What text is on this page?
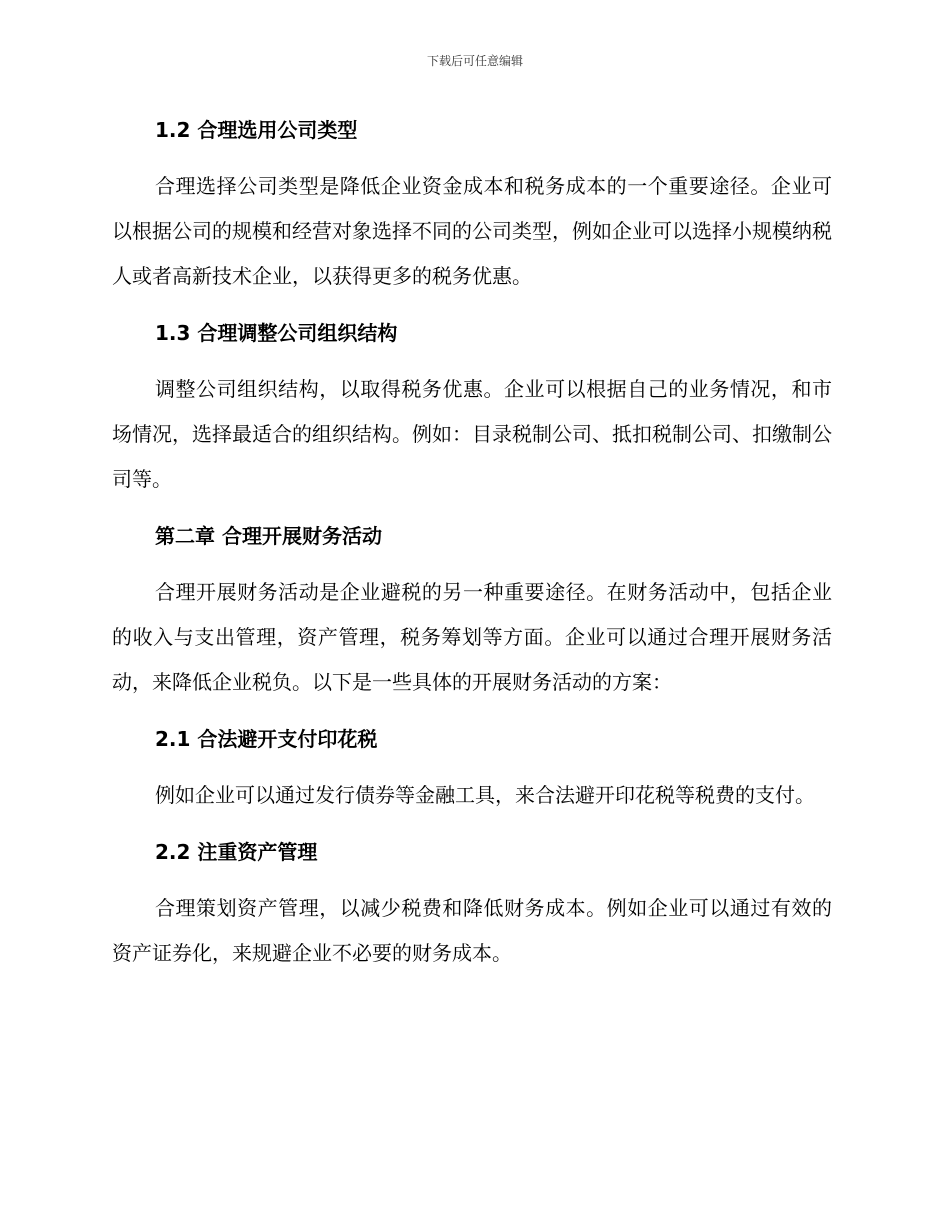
下载后可任意编辑
1.2 合理选用公司类型

合理选择公司类型是降低企业资金成本和税务成本的一个重要途径。企业可以根据公司的规模和经营对象选择不同的公司类型，例如企业可以选择小规模纳税人或者高新技术企业，以获得更多的税务优惠。

1.3 合理调整公司组织结构

调整公司组织结构，以取得税务优惠。企业可以根据自己的业务情况，和市场情况，选择最适合的组织结构。例如：目录税制公司、抵扣税制公司、扣缴制公司等。

第二章 合理开展财务活动

合理开展财务活动是企业避税的另一种重要途径。在财务活动中，包括企业的收入与支出管理，资产管理，税务筹划等方面。企业可以通过合理开展财务活动，来降低企业税负。以下是一些具体的开展财务活动的方案：

2.1 合法避开支付印花税

例如企业可以通过发行债券等金融工具，来合法避开印花税等税费的支付。

2.2 注重资产管理

合理策划资产管理，以减少税费和降低财务成本。例如企业可以通过有效的资产证券化，来规避企业不必要的财务成本。
